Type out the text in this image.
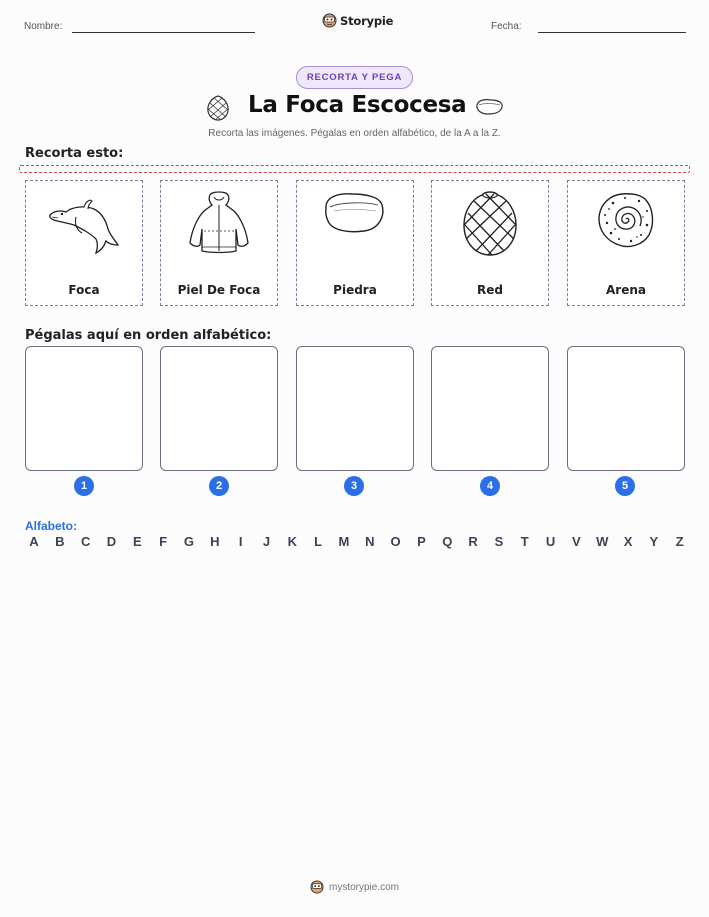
Nombre:	Storypie	Fecha:
RECORTA Y PEGA
La Foca Escocesa
Recorta las imágenes. Pégalas en orden alfabético, de la A a la Z.
Recorta esto:
Foca	Piel De Foca	Piedra	Red	Arena
Pégalas aquí en orden alfabético:
1	2	3	4	5
Alfabeto:
A	B	C	D	E	F	G	H	I	J	K	L	M	N	O	P	Q	R	S	T	U	V	W	X	Y	Z
mystorypie.com
